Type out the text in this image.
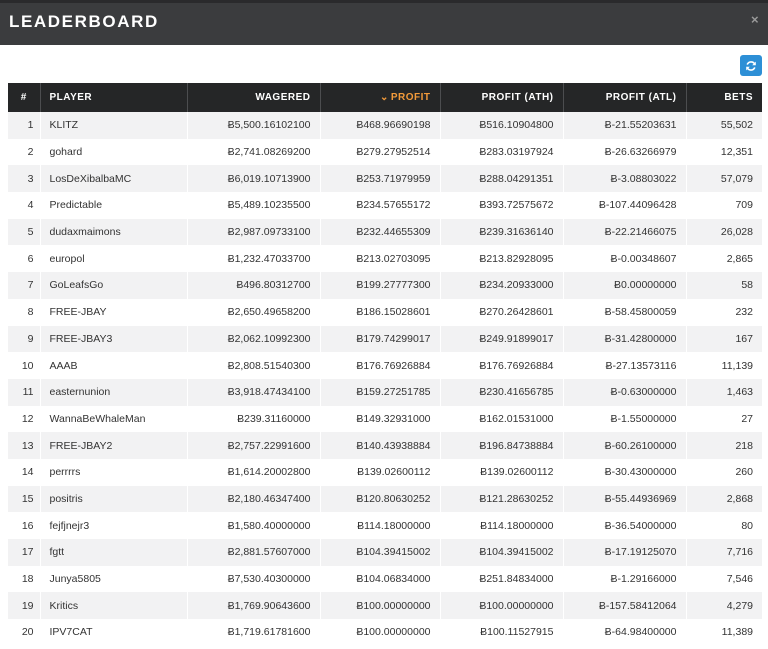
LEADERBOARD	×
#	PLAYER	WAGERED	⌄ PROFIT	PROFIT (ATH)	PROFIT (ATL)	BETS
1	KLITZ	Ƀ5,500.16102100	Ƀ468.96690198	Ƀ516.10904800	Ƀ-21.55203631	55,502
2	gohard	Ƀ2,741.08269200	Ƀ279.27952514	Ƀ283.03197924	Ƀ-26.63266979	12,351
3	LosDeXibalbaMC	Ƀ6,019.10713900	Ƀ253.71979959	Ƀ288.04291351	Ƀ-3.08803022	57,079
4	Predictable	Ƀ5,489.10235500	Ƀ234.57655172	Ƀ393.72575672	Ƀ-107.44096428	709
5	dudaxmaimons	Ƀ2,987.09733100	Ƀ232.44655309	Ƀ239.31636140	Ƀ-22.21466075	26,028
6	europol	Ƀ1,232.47033700	Ƀ213.02703095	Ƀ213.82928095	Ƀ-0.00348607	2,865
7	GoLeafsGo	Ƀ496.80312700	Ƀ199.27777300	Ƀ234.20933000	Ƀ0.00000000	58
8	FREE-JBAY	Ƀ2,650.49658200	Ƀ186.15028601	Ƀ270.26428601	Ƀ-58.45800059	232
9	FREE-JBAY3	Ƀ2,062.10992300	Ƀ179.74299017	Ƀ249.91899017	Ƀ-31.42800000	167
10	AAAB	Ƀ2,808.51540300	Ƀ176.76926884	Ƀ176.76926884	Ƀ-27.13573116	11,139
11	easternunion	Ƀ3,918.47434100	Ƀ159.27251785	Ƀ230.41656785	Ƀ-0.63000000	1,463
12	WannaBeWhaleMan	Ƀ239.31160000	Ƀ149.32931000	Ƀ162.01531000	Ƀ-1.55000000	27
13	FREE-JBAY2	Ƀ2,757.22991600	Ƀ140.43938884	Ƀ196.84738884	Ƀ-60.26100000	218
14	perrrrs	Ƀ1,614.20002800	Ƀ139.02600112	Ƀ139.02600112	Ƀ-30.43000000	260
15	positris	Ƀ2,180.46347400	Ƀ120.80630252	Ƀ121.28630252	Ƀ-55.44936969	2,868
16	fejfjnejr3	Ƀ1,580.40000000	Ƀ114.18000000	Ƀ114.18000000	Ƀ-36.54000000	80
17	fgtt	Ƀ2,881.57607000	Ƀ104.39415002	Ƀ104.39415002	Ƀ-17.19125070	7,716
18	Junya5805	Ƀ7,530.40300000	Ƀ104.06834000	Ƀ251.84834000	Ƀ-1.29166000	7,546
19	Kritics	Ƀ1,769.90643600	Ƀ100.00000000	Ƀ100.00000000	Ƀ-157.58412064	4,279
20	IPV7CAT	Ƀ1,719.61781600	Ƀ100.00000000	Ƀ100.11527915	Ƀ-64.98400000	11,389
